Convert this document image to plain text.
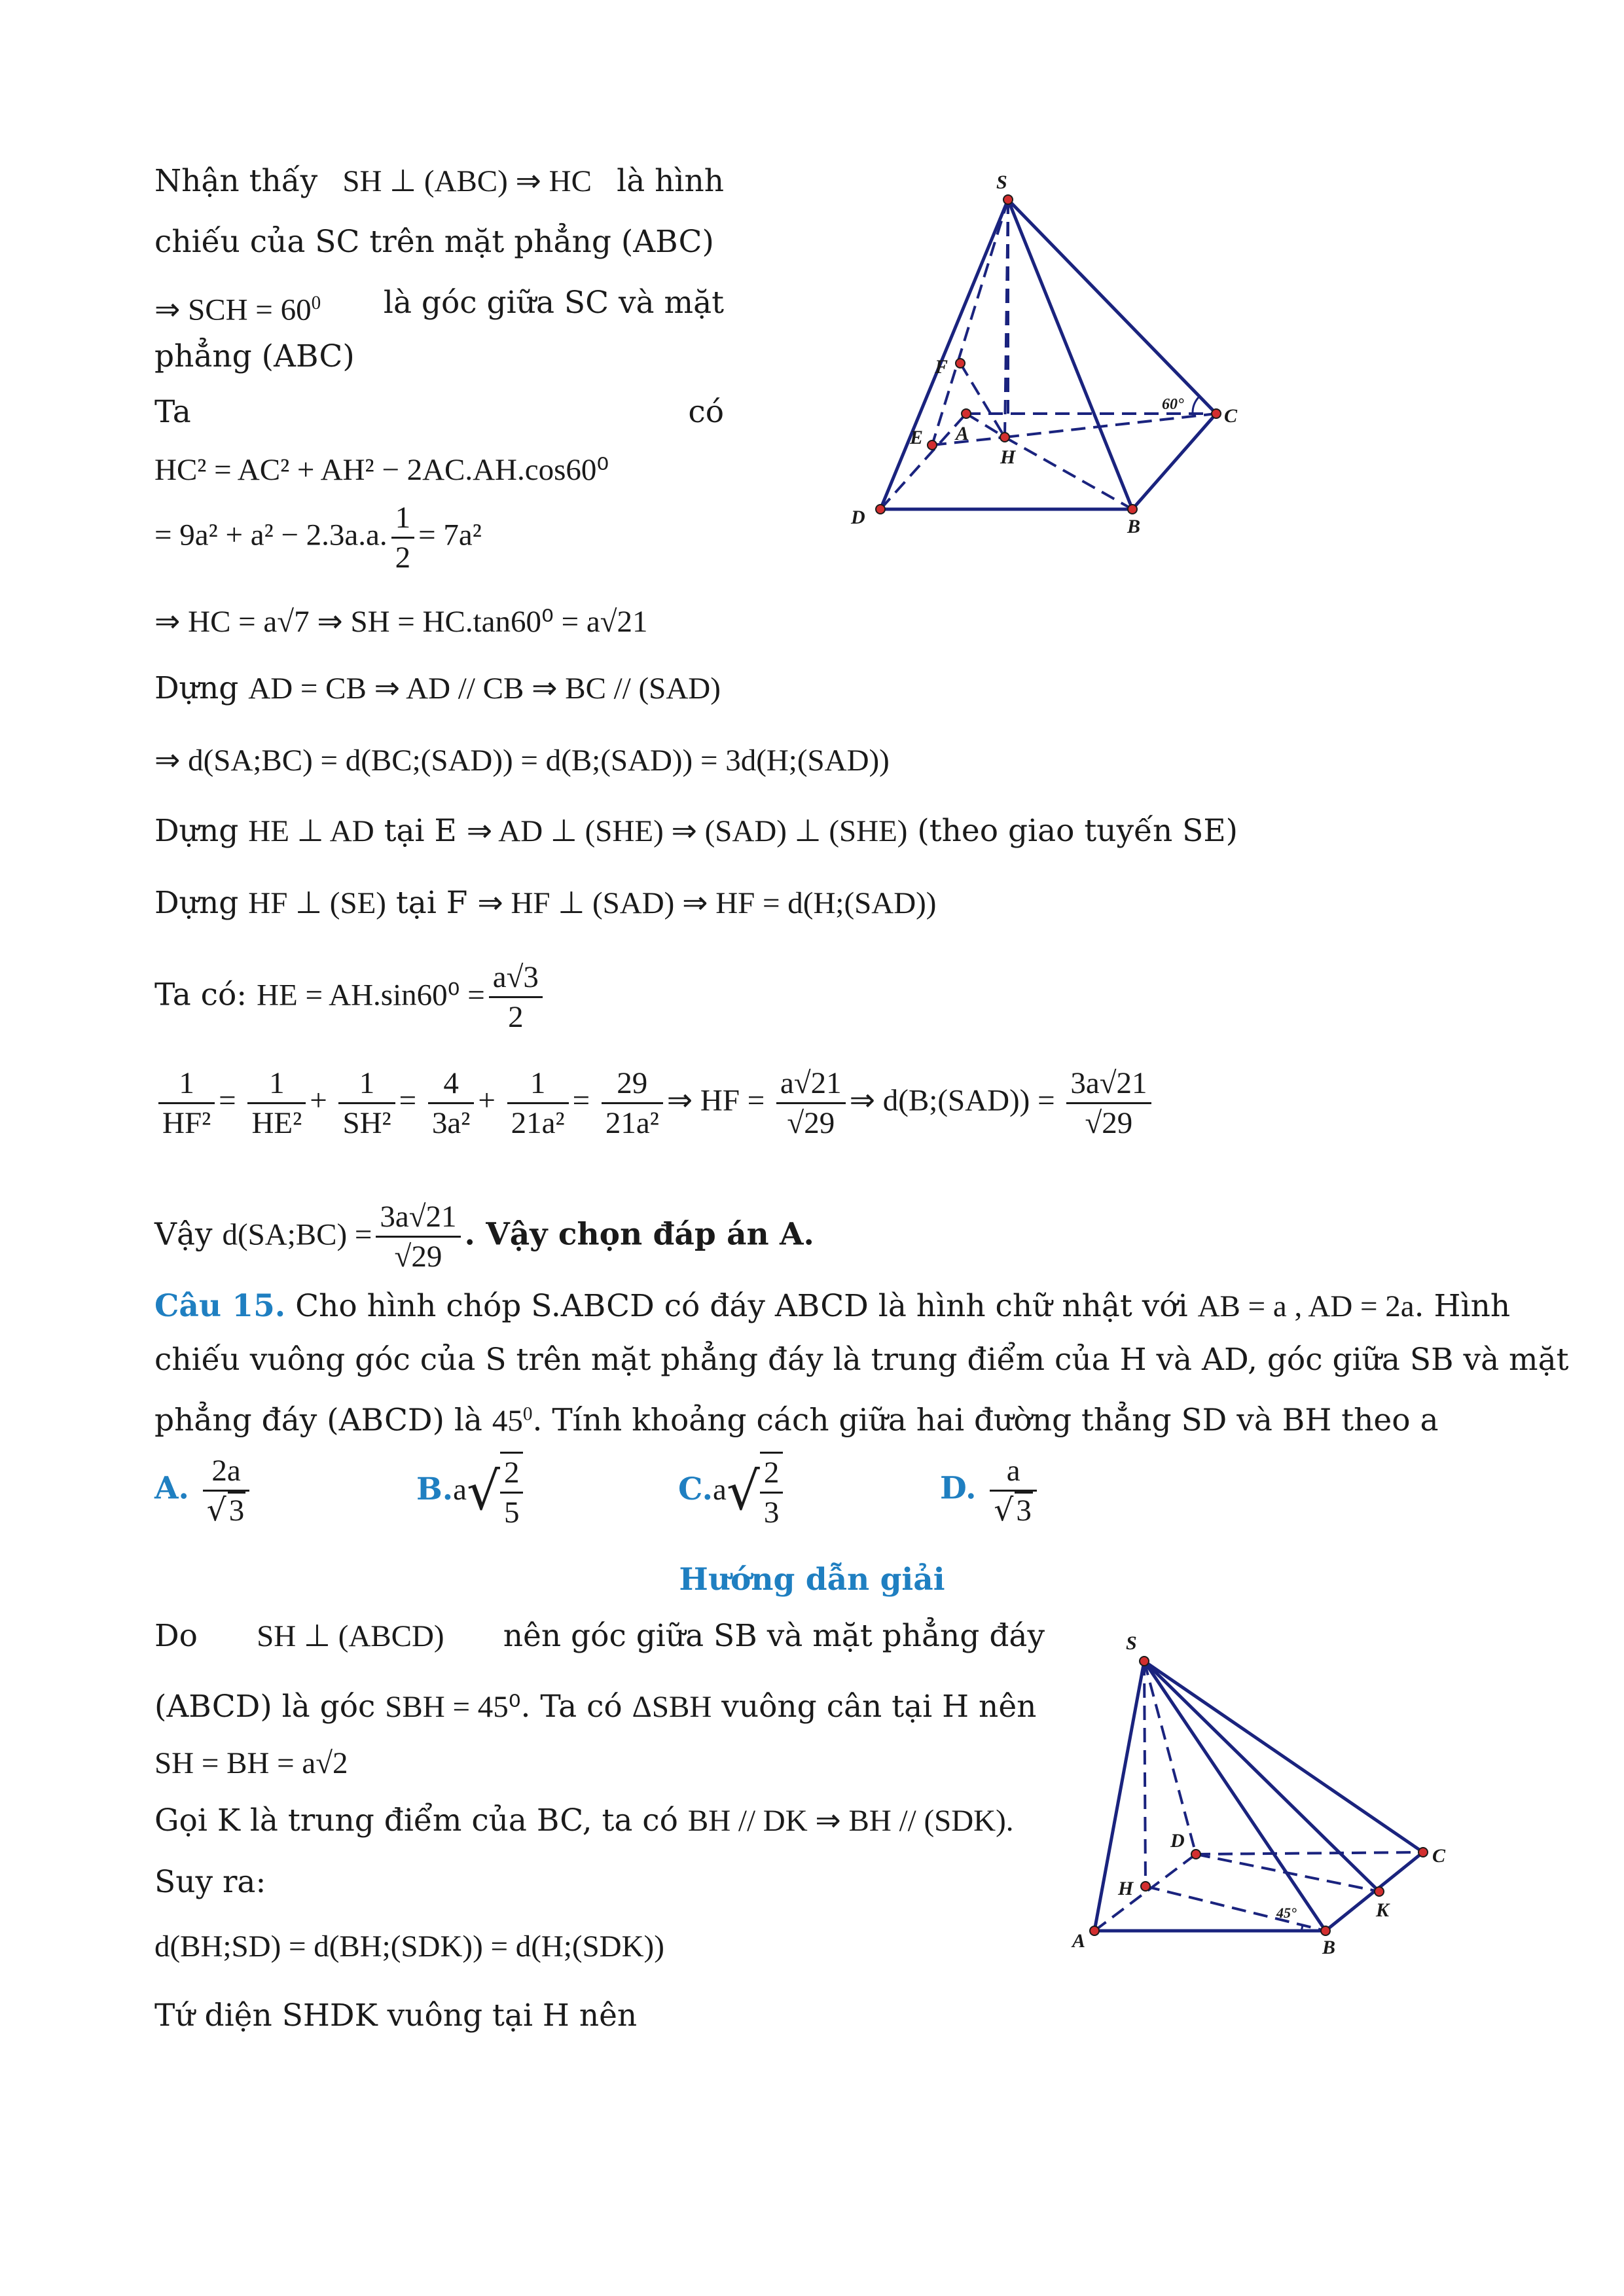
Nhận thấy SH ⊥ (ABC) ⇒ HC là hình
chiếu của SC trên mặt phẳng (ABC)
⇒ SCH = $60^0$ là góc giữa SC và mặt
phẳng (ABC)
Ta	có
HC² = AC² + AH² − 2AC.AH.cos60⁰
= 9a² + a² − 2.3a.a. $\frac{1}{2} = 7a^2$
⇒ HC = a√7 ⇒ SH = HC.tan60⁰ = a√21
Dựng AD = CB ⇒ AD // CB ⇒ BC // (SAD)
⇒ d(SA;BC) = d(BC;(SAD)) = d(B;(SAD)) = 3d(H;(SAD))
Dựng HE ⊥ AD tại E ⇒ AD ⊥ (SHE) ⇒ (SAD) ⊥ (SHE) (theo giao tuyến SE)
Dựng HF ⊥ (SE) tại F ⇒ HF ⊥ (SAD) ⇒ HF = d(H;(SAD))
Ta có: HE = $AH.\sin 60^0 = \frac{a√3}{2}$
$\frac{1}{\text{HF²}} = \frac{1}{\text{HE²}} + \frac{1}{\text{SH²}} = \frac{4}{\text{3a²}} + \frac{1}{\text{21a²}} = \frac{29}{\text{21a²}}$ ⇒ HF = $\frac{a√21}{√29}$ ⇒ d(B;(SAD)) = $\frac{3a√21}{√29}$
Vậy d(SA;BC) = $\frac{3a√21}{√29}$ . Vậy chọn đáp án A.
Câu 15. Cho hình chóp S.ABCD có đáy ABCD là hình chữ nhật với AB = a , AD = 2a. Hình
chiếu vuông góc của S trên mặt phẳng đáy là trung điểm của H và AD, góc giữa SB và mặt
phẳng đáy (ABCD) là $45^0$. Tính khoảng cách giữa hai đường thẳng SD và BH theo a
A. $\frac{2a}{√3}$	$B.a√ \frac{2}{5}$	$C.a√ \frac{2}{3}$	D. $\frac{a}{√3}$
Hướng dẫn giải
Do SH ⊥ (ABCD) nên góc giữa SB và mặt phẳng đáy
(ABCD) là góc SBH = 45⁰. Ta có ΔSBH vuông cân tại H nên
SH = BH = a√2
Gọi K là trung điểm của BC, ta có BH // DK ⇒ BH // (SDK).
Suy ra:
d(BH;SD) = d(BH;(SDK)) = d(H;(SDK))
Tứ diện SHDK vuông tại H nên
S
F
E A
H
C
D	B
60°
S
D
C
H
K
A	B
45°
